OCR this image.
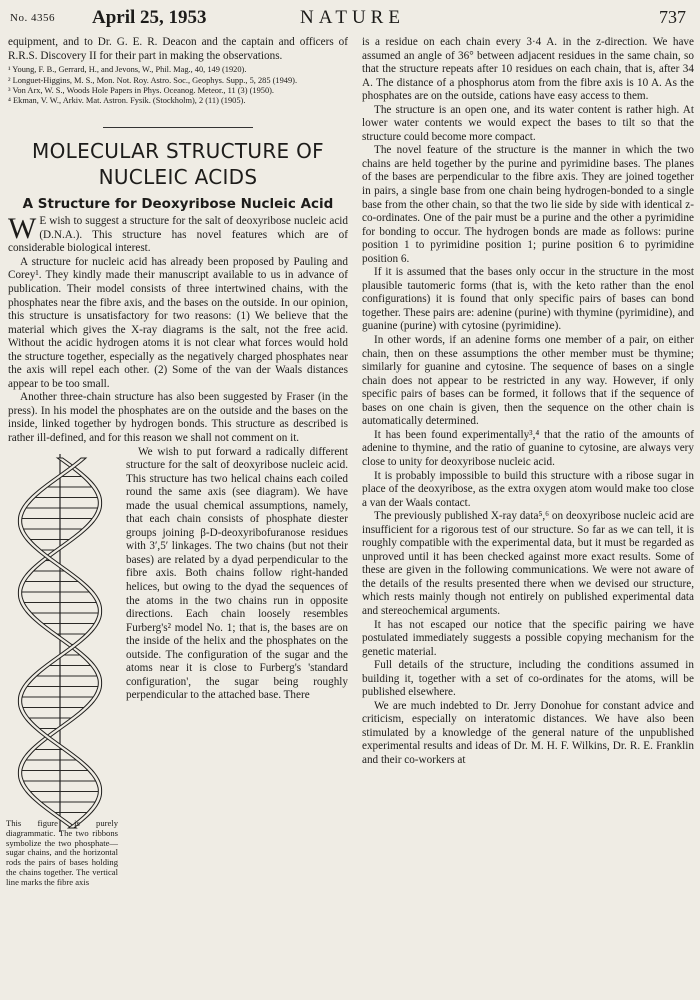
No. 4356 April 25, 1953	NATURE	737

equipment, and to Dr. G. E. R. Deacon and the captain and officers of R.R.S. Discovery II for their part in making the observations.

¹ Young, F. B., Gerrard, H., and Jevons, W., Phil. Mag., 40, 149 (1920).
² Longuet-Higgins, M. S., Mon. Not. Roy. Astro. Soc., Geophys. Supp., 5, 285 (1949).
³ Von Arx, W. S., Woods Hole Papers in Phys. Oceanog. Meteor., 11 (3) (1950).
⁴ Ekman, V. W., Arkiv. Mat. Astron. Fysik. (Stockholm), 2 (11) (1905).
MOLECULAR STRUCTURE OF
NUCLEIC ACIDS
A Structure for Deoxyribose Nucleic Acid

W E wish to suggest a structure for the salt of deoxyribose nucleic acid (D.N.A.). This structure has novel features which are of considerable biological interest.

A structure for nucleic acid has already been proposed by Pauling and Corey¹. They kindly made their manuscript available to us in advance of publication. Their model consists of three intertwined chains, with the phosphates near the fibre axis, and the bases on the outside. In our opinion, this structure is unsatisfactory for two reasons: (1) We believe that the material which gives the X-ray diagrams is the salt, not the free acid. Without the acidic hydrogen atoms it is not clear what forces would hold the structure together, especially as the negatively charged phosphates near the axis will repel each other. (2) Some of the van der Waals distances appear to be too small.

Another three-chain structure has also been suggested by Fraser (in the press). In his model the phosphates are on the outside and the bases on the inside, linked together by hydrogen bonds. This structure as described is rather ill-defined, and for this reason we shall not comment on it.

This figure is purely diagrammatic. The two ribbons symbolize the two phosphate—sugar chains, and the horizontal rods the pairs of bases holding the chains together. The vertical line marks the fibre axis

We wish to put forward a radically different structure for the salt of deoxyribose nucleic acid. This structure has two helical chains each coiled round the same axis (see diagram). We have made the usual chemical assumptions, namely, that each chain consists of phosphate diester groups joining β-D-deoxyribofuranose residues with 3′,5′ linkages. The two chains (but not their bases) are related by a dyad perpendicular to the fibre axis. Both chains follow right-handed helices, but owing to the dyad the sequences of the atoms in the two chains run in opposite directions. Each chain loosely resembles Furberg's² model No. 1; that is, the bases are on the inside of the helix and the phosphates on the outside. The configuration of the sugar and the atoms near it is close to Furberg's 'standard configuration', the sugar being roughly perpendicular to the attached base. There

is a residue on each chain every 3·4 A. in the z-direction. We have assumed an angle of 36° between adjacent residues in the same chain, so that the structure repeats after 10 residues on each chain, that is, after 34 A. The distance of a phosphorus atom from the fibre axis is 10 A. As the phosphates are on the outside, cations have easy access to them.

The structure is an open one, and its water content is rather high. At lower water contents we would expect the bases to tilt so that the structure could become more compact.

The novel feature of the structure is the manner in which the two chains are held together by the purine and pyrimidine bases. The planes of the bases are perpendicular to the fibre axis. They are joined together in pairs, a single base from one chain being hydrogen-bonded to a single base from the other chain, so that the two lie side by side with identical z-co-ordinates. One of the pair must be a purine and the other a pyrimidine for bonding to occur. The hydrogen bonds are made as follows: purine position 1 to pyrimidine position 1; purine position 6 to pyrimidine position 6.

If it is assumed that the bases only occur in the structure in the most plausible tautomeric forms (that is, with the keto rather than the enol configurations) it is found that only specific pairs of bases can bond together. These pairs are: adenine (purine) with thymine (pyrimidine), and guanine (purine) with cytosine (pyrimidine).

In other words, if an adenine forms one member of a pair, on either chain, then on these assumptions the other member must be thymine; similarly for guanine and cytosine. The sequence of bases on a single chain does not appear to be restricted in any way. However, if only specific pairs of bases can be formed, it follows that if the sequence of bases on one chain is given, then the sequence on the other chain is automatically determined.

It has been found experimentally³,⁴ that the ratio of the amounts of adenine to thymine, and the ratio of guanine to cytosine, are always very close to unity for deoxyribose nucleic acid.

It is probably impossible to build this structure with a ribose sugar in place of the deoxyribose, as the extra oxygen atom would make too close a van der Waals contact.

The previously published X-ray data⁵,⁶ on deoxyribose nucleic acid are insufficient for a rigorous test of our structure. So far as we can tell, it is roughly compatible with the experimental data, but it must be regarded as unproved until it has been checked against more exact results. Some of these are given in the following communications. We were not aware of the details of the results presented there when we devised our structure, which rests mainly though not entirely on published experimental data and stereochemical arguments.

It has not escaped our notice that the specific pairing we have postulated immediately suggests a possible copying mechanism for the genetic material.

Full details of the structure, including the conditions assumed in building it, together with a set of co-ordinates for the atoms, will be published elsewhere.

We are much indebted to Dr. Jerry Donohue for constant advice and criticism, especially on interatomic distances. We have also been stimulated by a knowledge of the general nature of the unpublished experimental results and ideas of Dr. M. H. F. Wilkins, Dr. R. E. Franklin and their co-workers at
